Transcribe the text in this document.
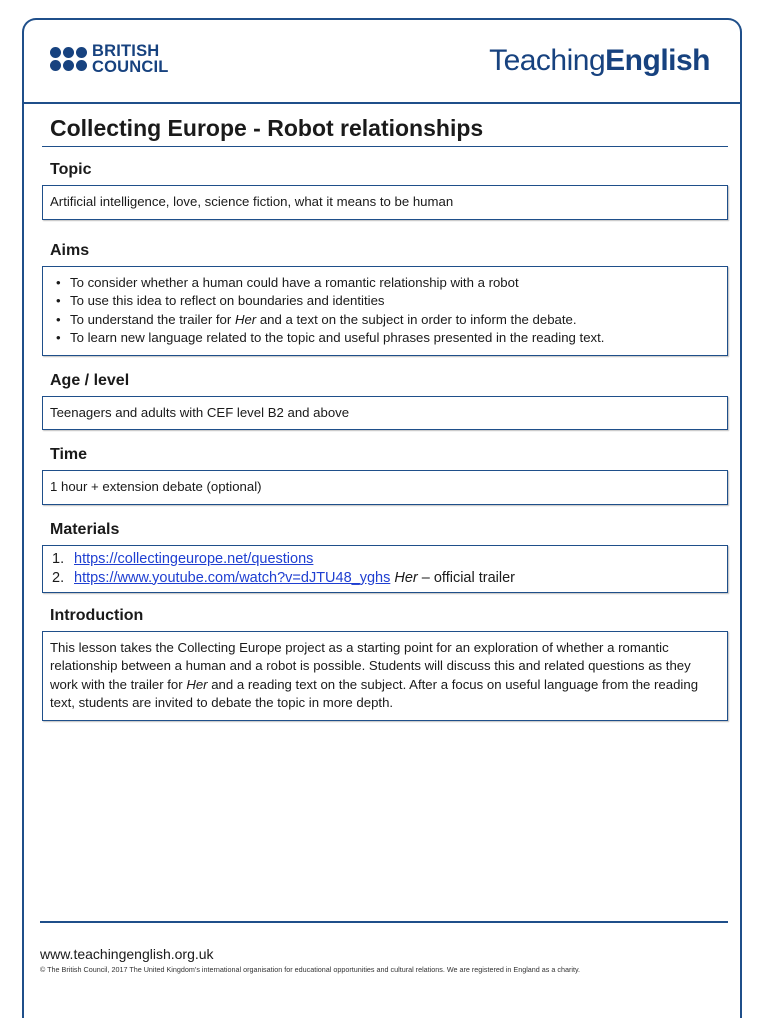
BRITISH
COUNCIL	TeachingEnglish
Collecting Europe - Robot relationships
Topic
Artificial intelligence, love, science fiction, what it means to be human
Aims
• To consider whether a human could have a romantic relationship with a robot
• To use this idea to reflect on boundaries and identities
• To understand the trailer for Her and a text on the subject in order to inform the debate.
• To learn new language related to the topic and useful phrases presented in the reading text.
Age / level
Teenagers and adults with CEF level B2 and above
Time
1 hour + extension debate (optional)
Materials
1. https://collectingeurope.net/questions
2. https://www.youtube.com/watch?v=dJTU48_yghs Her – official trailer
Introduction
This lesson takes the Collecting Europe project as a starting point for an exploration of whether a romantic relationship between a human and a robot is possible. Students will discuss this and related questions as they work with the trailer for Her and a reading text on the subject. After a focus on useful language from the reading text, students are invited to debate the topic in more depth.
www.teachingenglish.org.uk
© The British Council, 2017 The United Kingdom’s international organisation for educational opportunities and cultural relations. We are registered in England as a charity.
